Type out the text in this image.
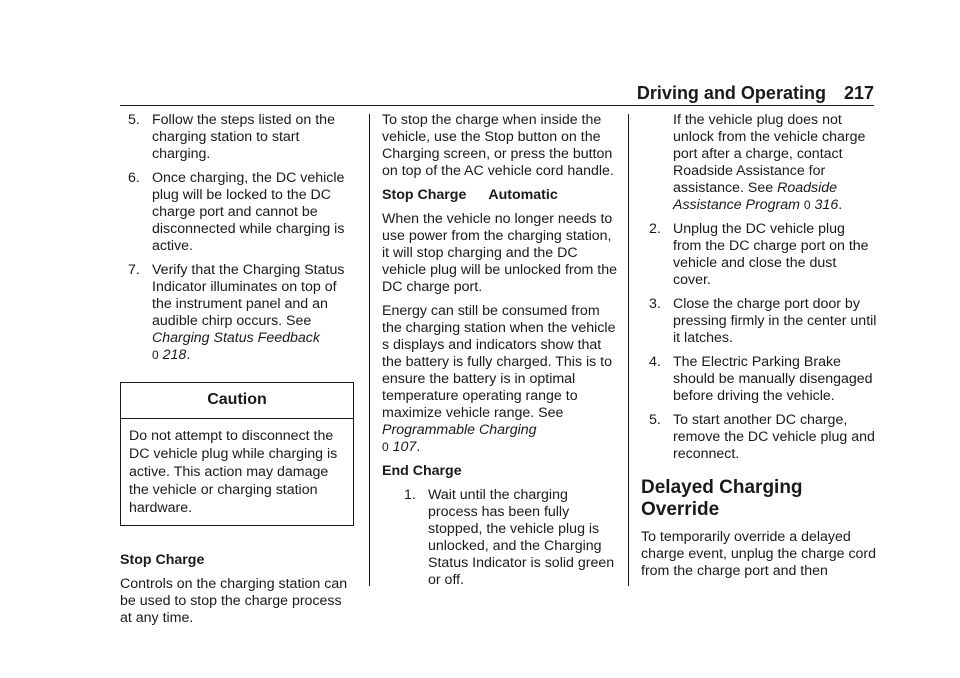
Driving and Operating 217
5. Follow the steps listed on the charging station to start charging.
6. Once charging, the DC vehicle plug will be locked to the DC charge port and cannot be disconnected while charging is active.
7. Verify that the Charging Status Indicator illuminates on top of the instrument panel and an audible chirp occurs. See
Charging Status Feedback
0 218.
Caution
Do not attempt to disconnect the DC vehicle plug while charging is active. This action may damage the vehicle or charging station hardware.
Stop Charge

Controls on the charging station can be used to stop the charge process at any time.

To stop the charge when inside the vehicle, use the Stop button on the Charging screen, or press the button on top of the AC vehicle cord handle.

Stop Charge Automatic

When the vehicle no longer needs to use power from the charging station, it will stop charging and the DC vehicle plug will be unlocked from the DC charge port.

Energy can still be consumed from the charging station when the vehicle s displays and indicators show that the battery is fully charged. This is to ensure the battery is in optimal temperature operating range to maximize vehicle range. See Programmable Charging
0 107.

End Charge
1. Wait until the charging process has been fully stopped, the vehicle plug is unlocked, and the Charging Status Indicator is solid green or off.
If the vehicle plug does not unlock from the vehicle charge port after a charge, contact Roadside Assistance for assistance. See Roadside Assistance Program 0 316.
2. Unplug the DC vehicle plug from the DC charge port on the vehicle and close the dust cover.
3. Close the charge port door by pressing firmly in the center until it latches.
4. The Electric Parking Brake should be manually disengaged before driving the vehicle.
5. To start another DC charge, remove the DC vehicle plug and reconnect.
Delayed Charging Override

To temporarily override a delayed charge event, unplug the charge cord from the charge port and then
